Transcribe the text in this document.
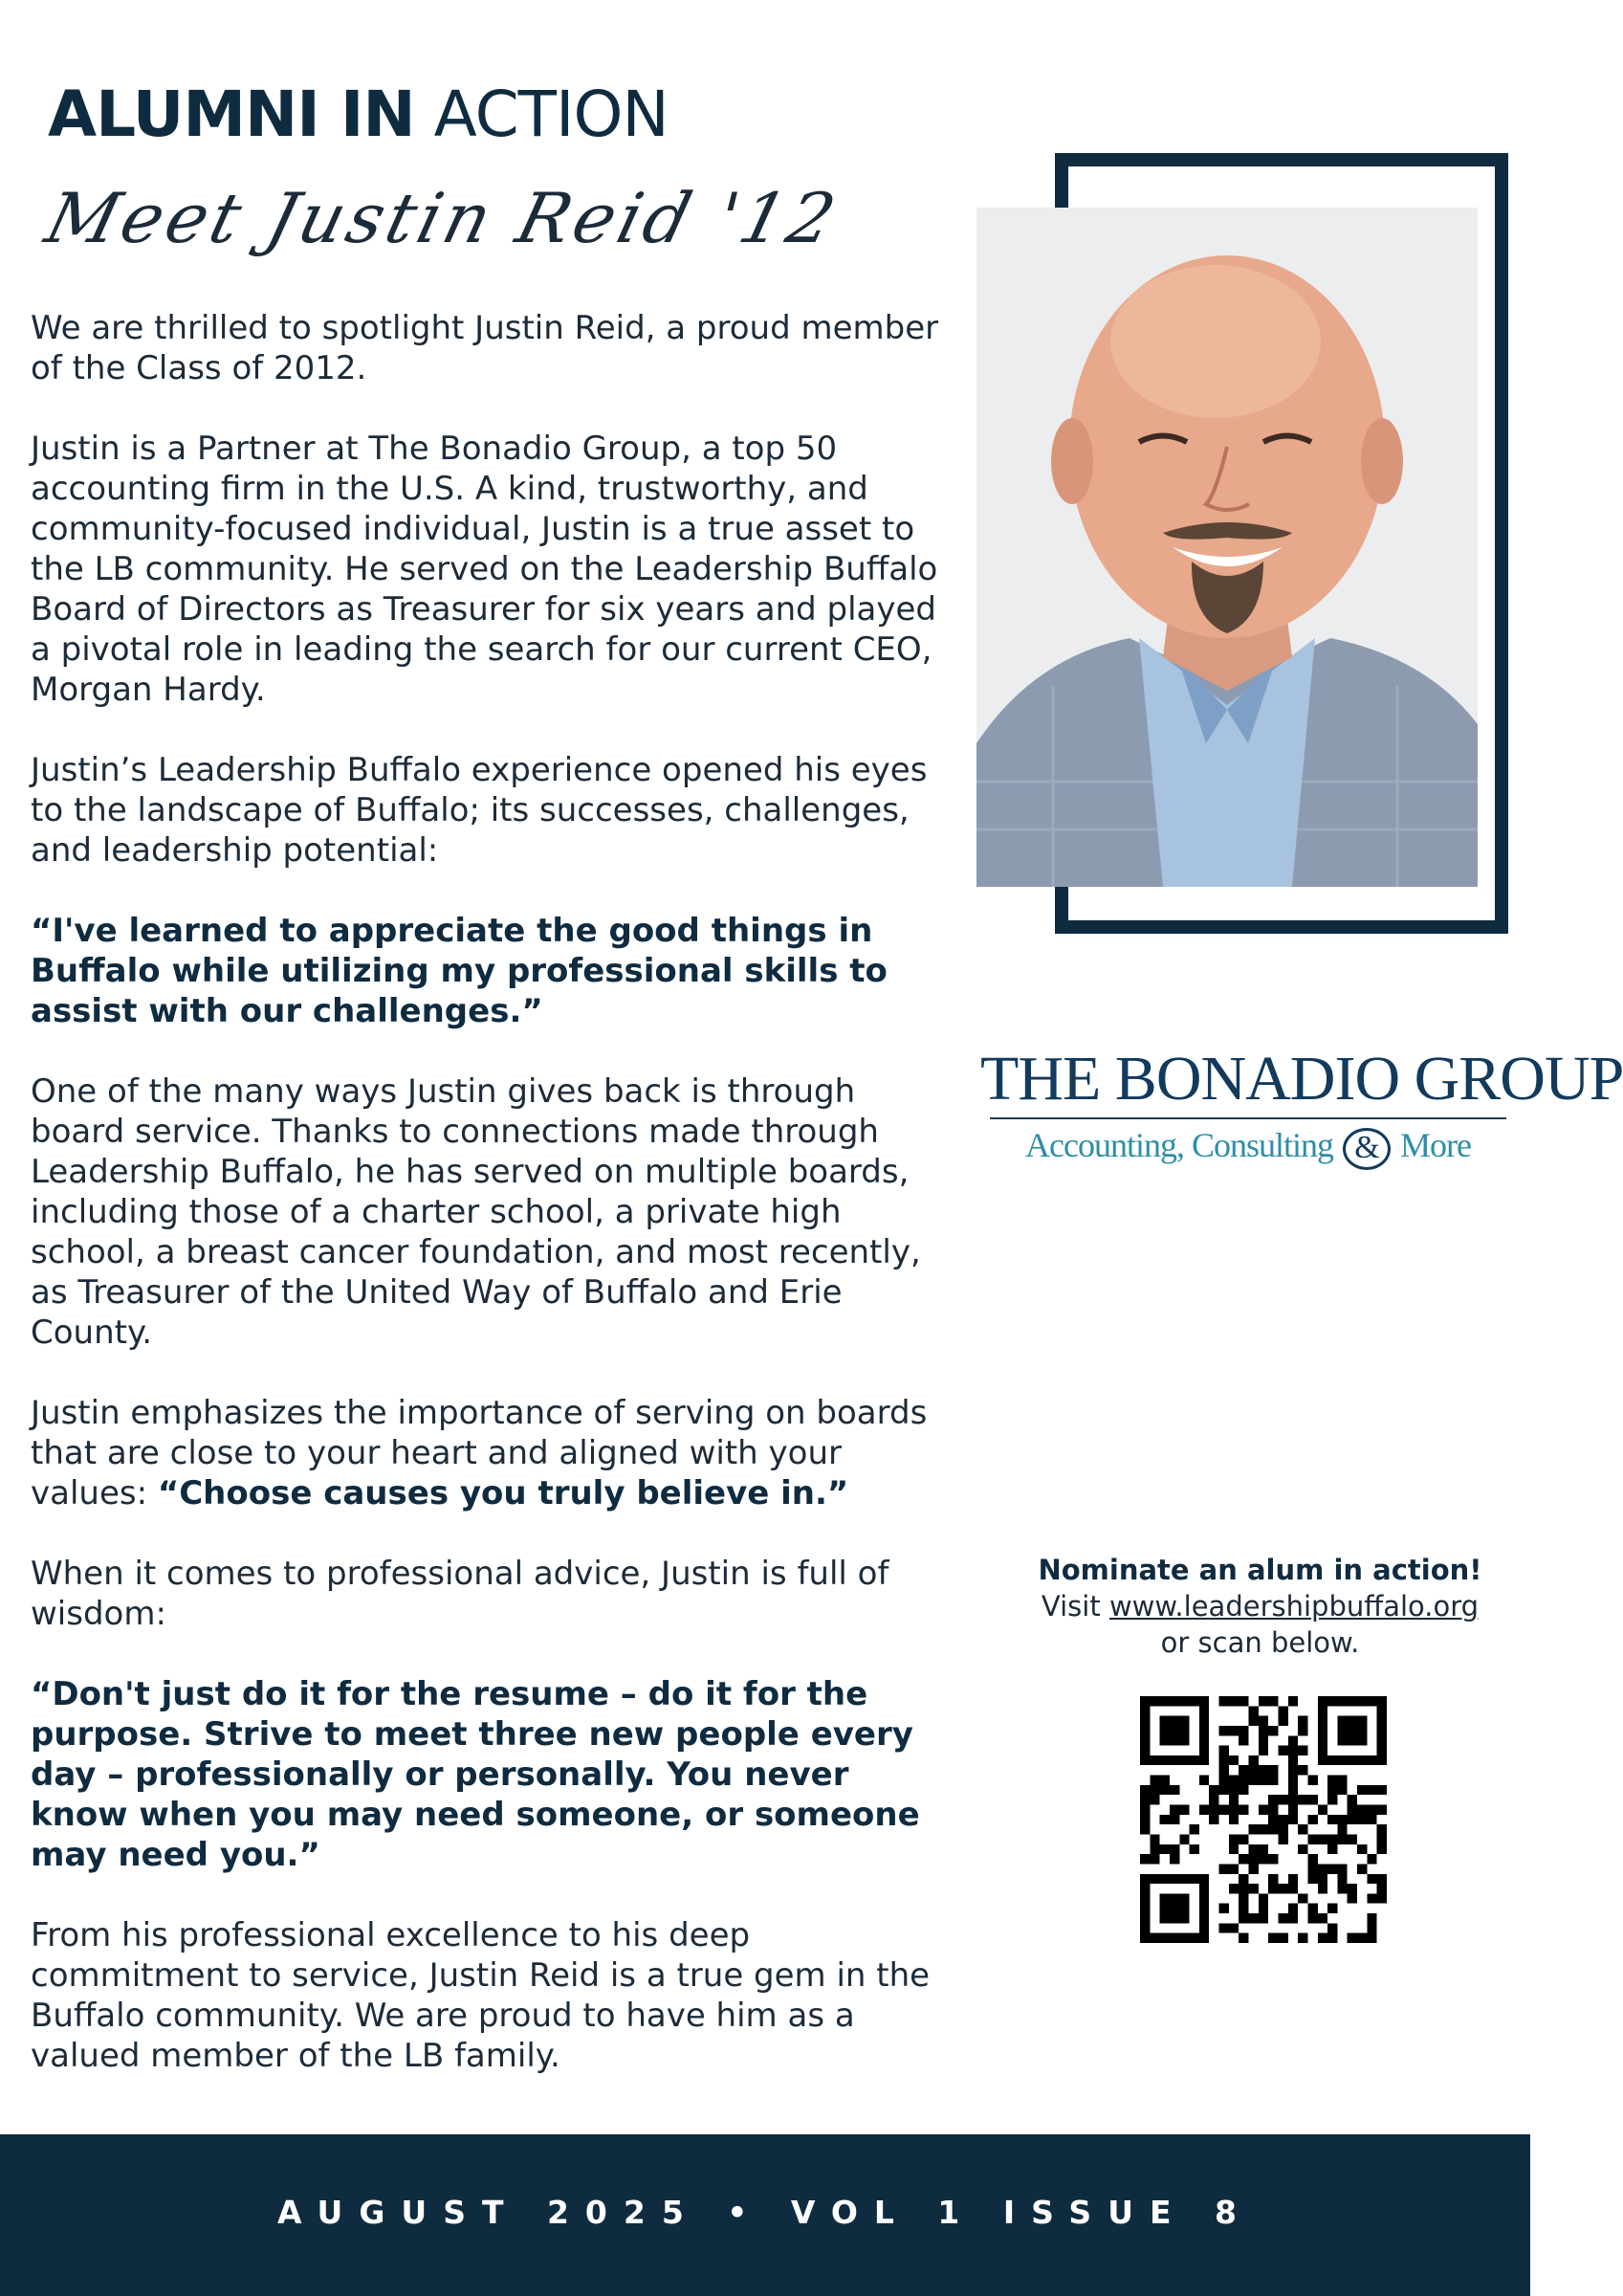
ALUMNI IN ACTION
Meet Justin Reid '12

We are thrilled to spotlight Justin Reid, a proud member of the Class of 2012.

Justin is a Partner at The Bonadio Group, a top 50 accounting firm in the U.S. A kind, trustworthy, and community-focused individual, Justin is a true asset to the LB community. He served on the Leadership Buffalo Board of Directors as Treasurer for six years and played a pivotal role in leading the search for our current CEO, Morgan Hardy.

Justin’s Leadership Buffalo experience opened his eyes to the landscape of Buffalo; its successes, challenges, and leadership potential:

“I've learned to appreciate the good things in Buffalo while utilizing my professional skills to assist with our challenges.”

One of the many ways Justin gives back is through board service. Thanks to connections made through Leadership Buffalo, he has served on multiple boards, including those of a charter school, a private high school, a breast cancer foundation, and most recently, as Treasurer of the United Way of Buffalo and Erie County.

Justin emphasizes the importance of serving on boards that are close to your heart and aligned with your values: “Choose causes you truly believe in.”

When it comes to professional advice, Justin is full of wisdom:

“Don't just do it for the resume – do it for the purpose. Strive to meet three new people every day – professionally or personally. You never know when you may need someone, or someone may need you.”

From his professional excellence to his deep commitment to service, Justin Reid is a true gem in the Buffalo community. We are proud to have him as a valued member of the LB family.

THE BONADIO GROUP
Accounting, Consulting & More
Nominate an alum in action!
Visit www.leadershipbuffalo.org
or scan below.
AUGUST 2025 • VOL 1 ISSUE 8
